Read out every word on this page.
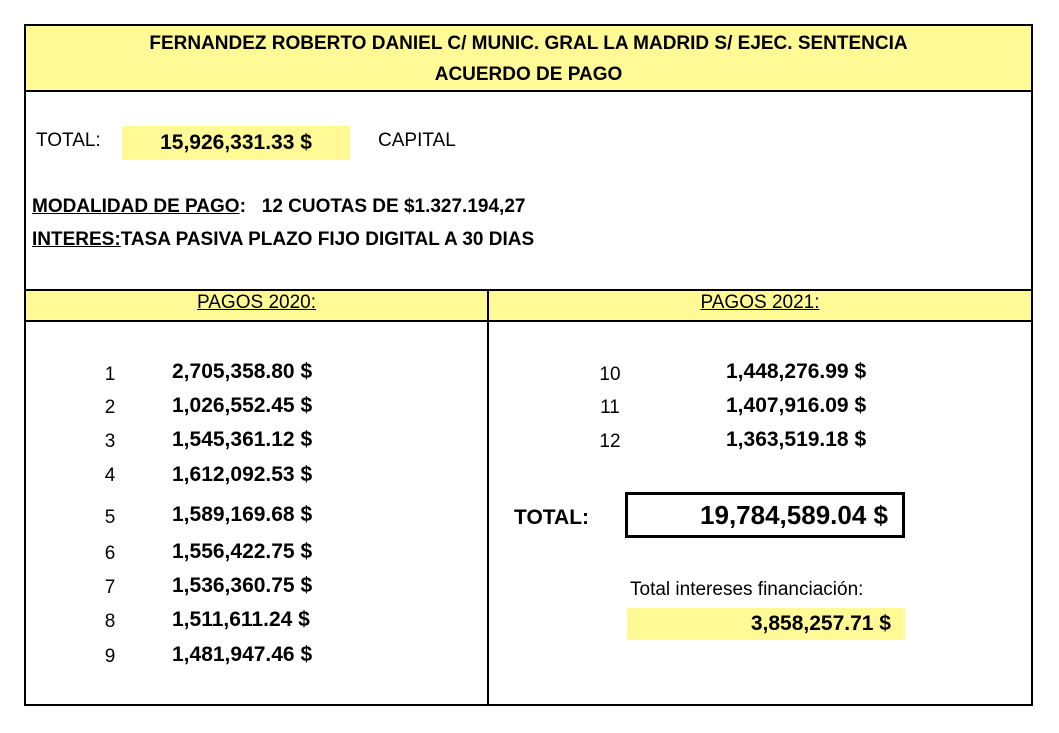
FERNANDEZ ROBERTO DANIEL C/ MUNIC. GRAL LA MADRID S/ EJEC. SENTENCIA
ACUERDO DE PAGO
TOTAL:	15,926,331.33 $	CAPITAL
MODALIDAD DE PAGO: 12 CUOTAS DE $1.327.194,27
INTERES:TASA PASIVA PLAZO FIJO DIGITAL A 30 DIAS
PAGOS 2020:	PAGOS 2021:
1	2,705,358.80 $
2	1,026,552.45 $
3	1,545,361.12 $
4	1,612,092.53 $
5	1,589,169.68 $
6	1,556,422.75 $
7	1,536,360.75 $
8	1,511,611.24 $
9	1,481,947.46 $
10	1,448,276.99 $
11	1,407,916.09 $
12	1,363,519.18 $
TOTAL:	19,784,589.04 $
Total intereses financiación:
3,858,257.71 $
